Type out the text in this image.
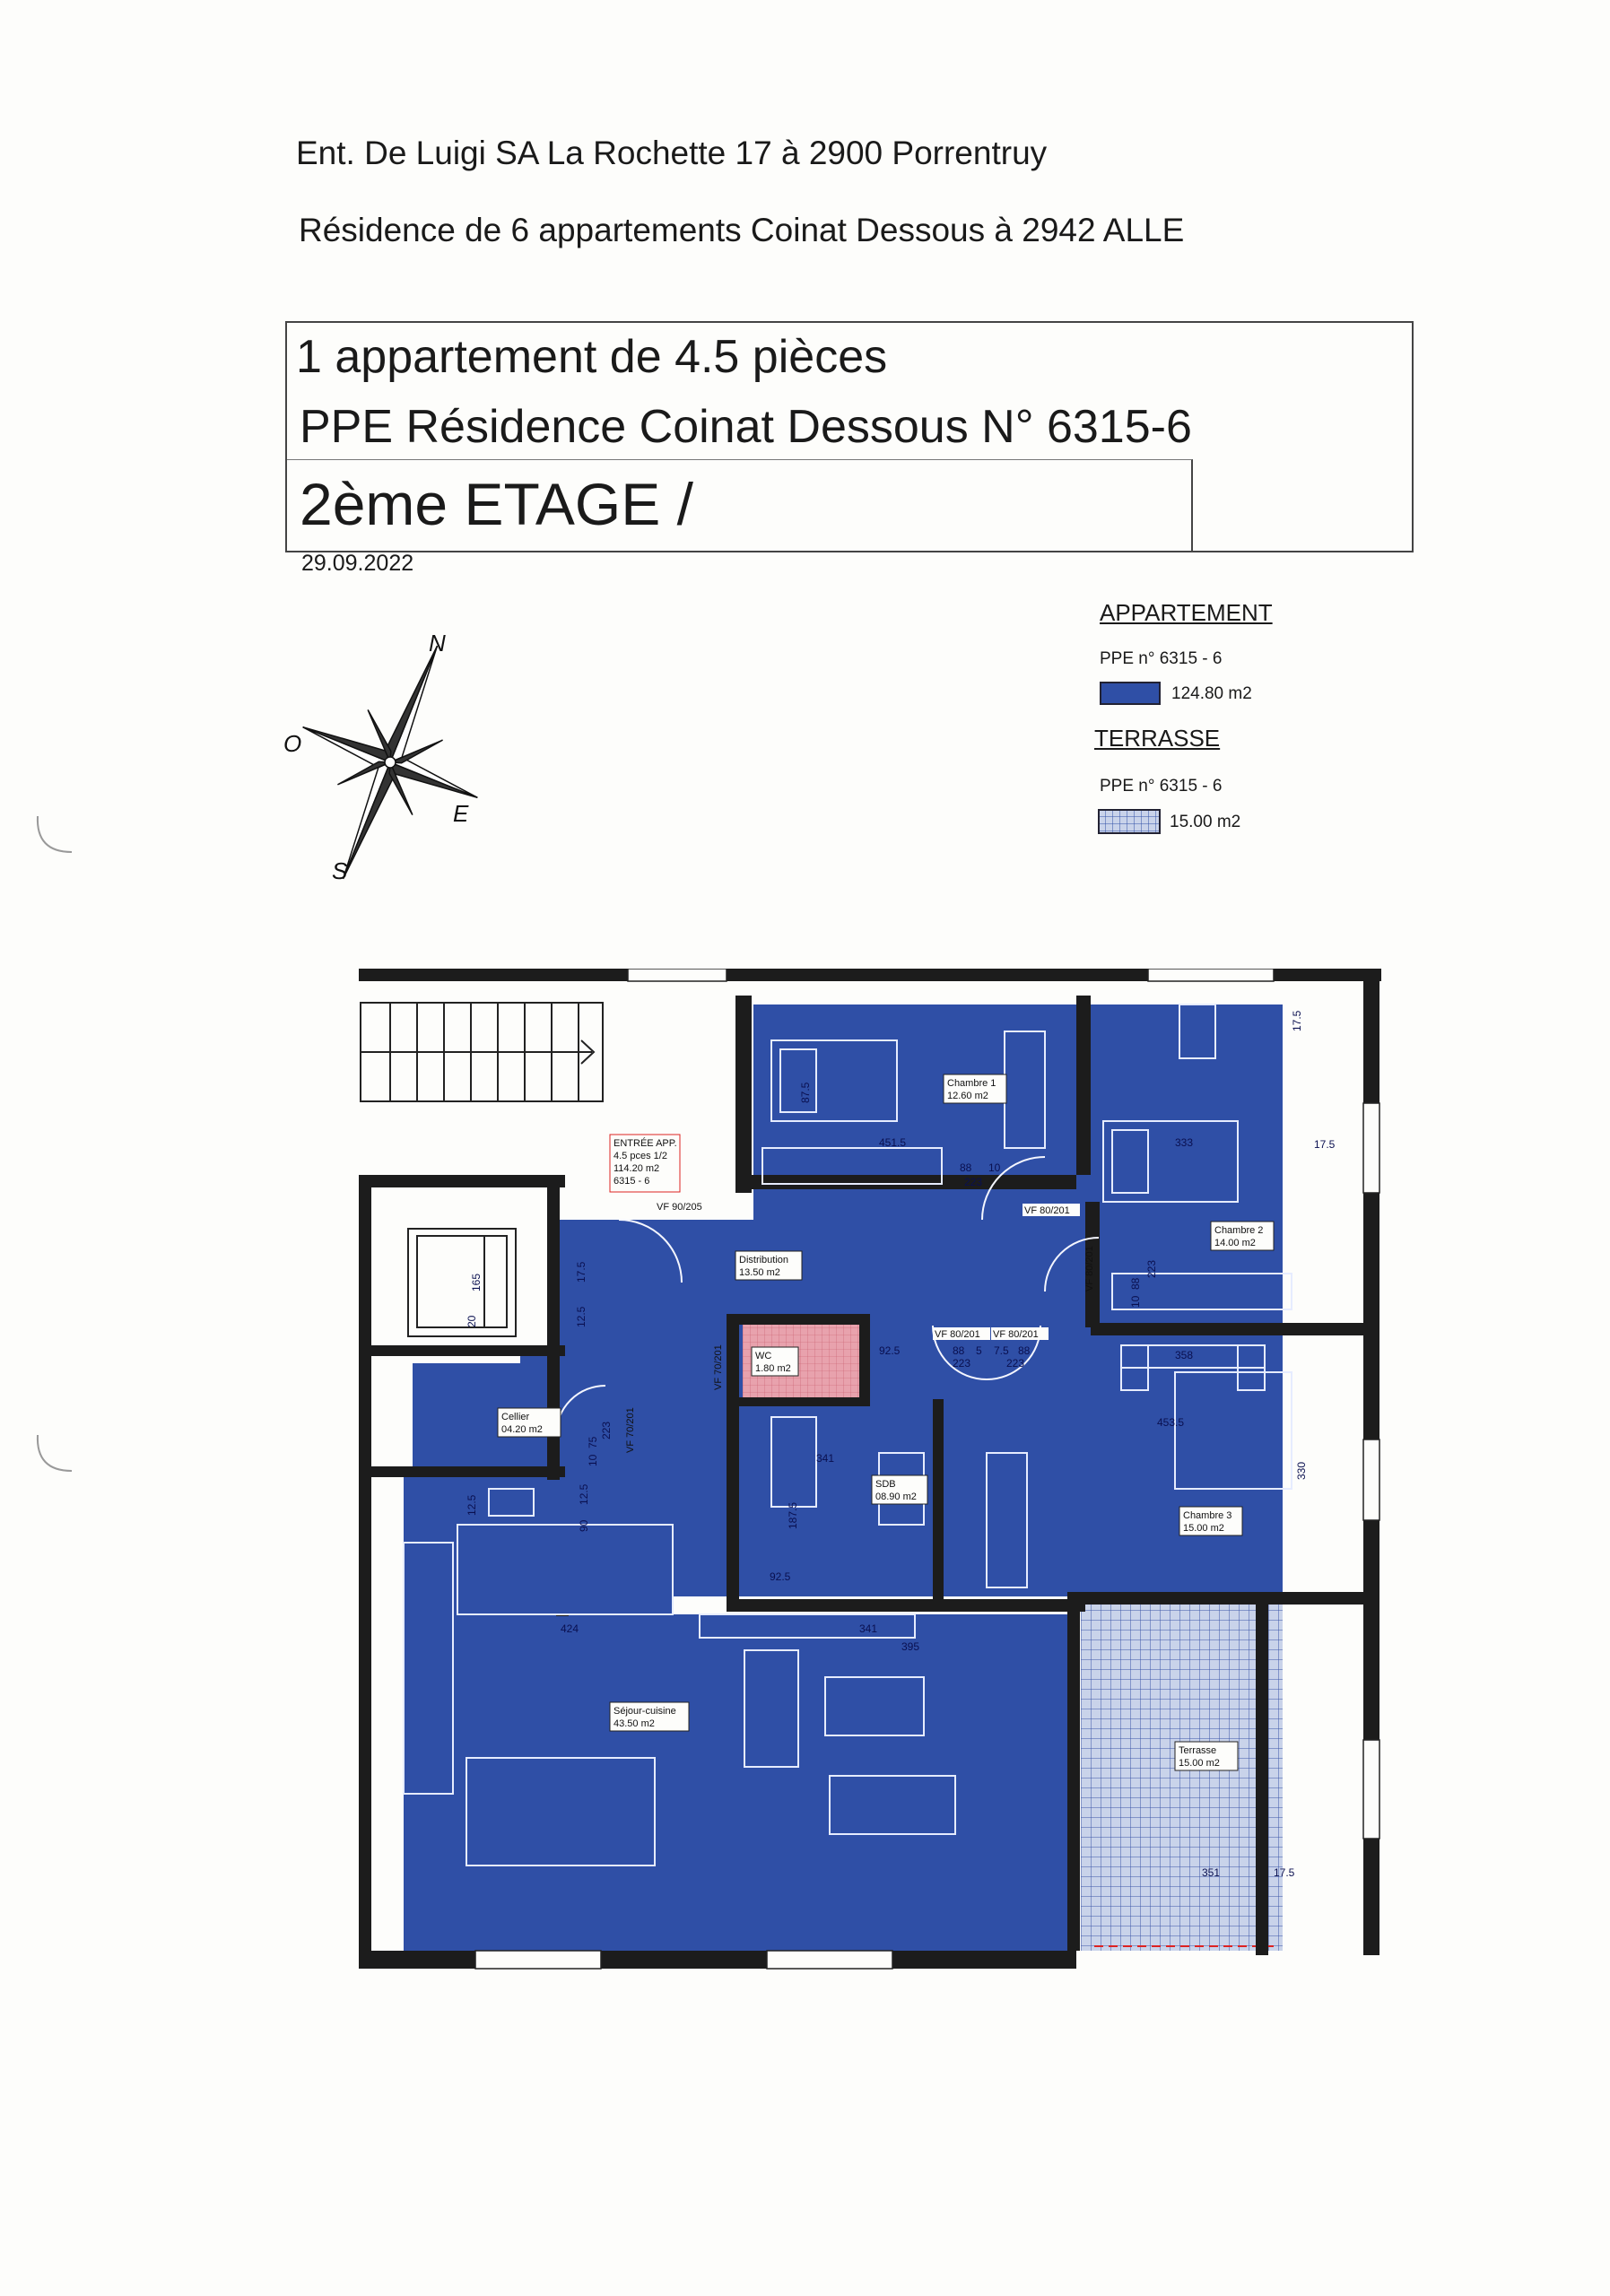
Ent. De Luigi SA La Rochette 17 à 2900 Porrentruy
Résidence de 6 appartements Coinat Dessous à 2942 ALLE
1 appartement de 4.5 pièces
PPE Résidence Coinat Dessous N° 6315-6
2ème ETAGE /
29.09.2022
N
O
E
S
APPARTEMENT
PPE n° 6315 - 6
124.80 m2
TERRASSE
PPE n° 6315 - 6
15.00 m2
ENTRÉE APP.
4.5 pces 1/2
114.20 m2
6315 - 6
Chambre 1
12.60 m2
Chambre 2
14.00 m2
Chambre 3
15.00 m2
Distribution
13.50 m2
WC
1.80 m2
Cellier
04.20 m2
SDB
08.90 m2
Séjour-cuisine
43.50 m2
Terrasse
15.00 m2
VF 90/205	VF 80/201
VF 80/201 VF 80/201
VF 80/201
VF 70/201
VF 70/201
87.5
451.5
88 10
223
17.5
17.5
333
10
88
223
165
20	12.5
17.5
92.5	88 5
223
7.5 88
223
358
453.5
330
10
75
223
12.5
90
12.5
187.5
92.5
341
424	341
395
351	17.5
